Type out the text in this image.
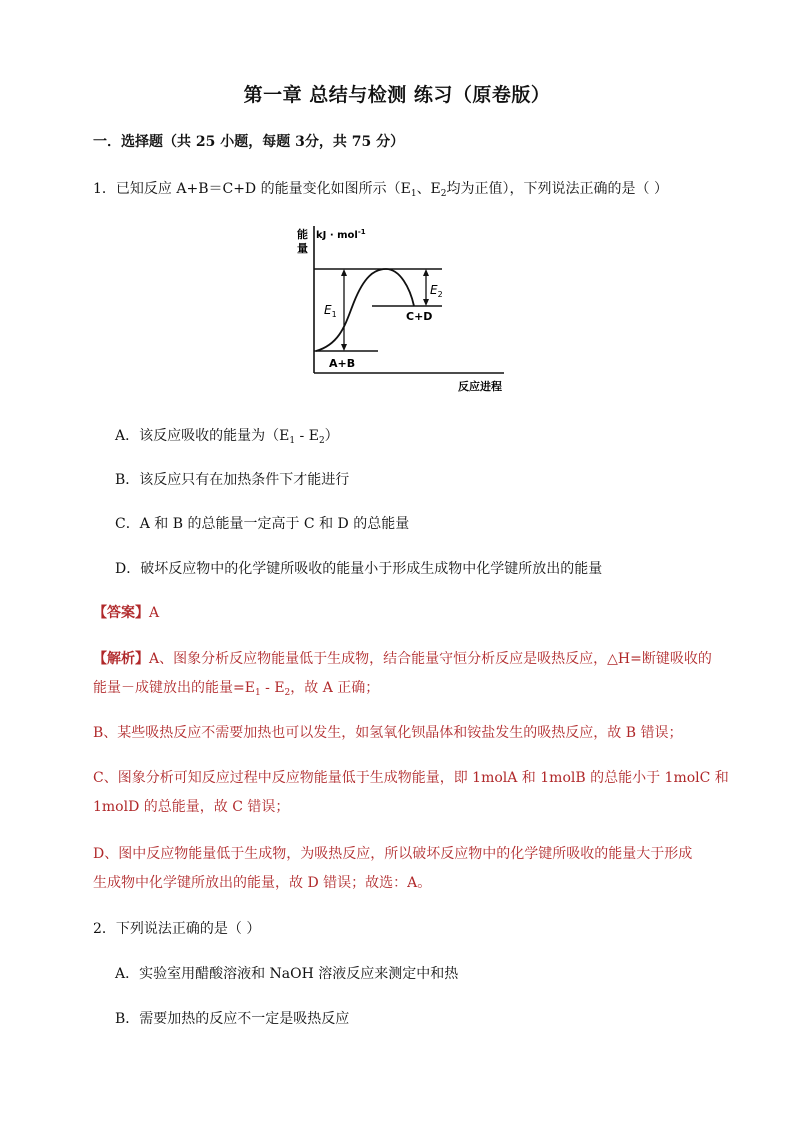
第一章 总结与检测 练习（原卷版）
一．选择题（共 25 小题，每题 3分，共 75 分）
1．已知反应 A+B＝C+D 的能量变化如图所示（$E_1$、$E_2$均为正值），下列说法正确的是（ ）
能
量
kJ · mol$^{-1}$
$E_1$
$E_2$
A+B
C+D
反应进程
A．该反应吸收的能量为$(E_1 - E_2)$
B．该反应只有在加热条件下才能进行
C．A 和 B 的总能量一定高于 C 和 D 的总能量
D．破坏反应物中的化学键所吸收的能量小于形成生成物中化学键所放出的能量
【答案】A
【解析】A、图象分析反应物能量低于生成物，结合能量守恒分析反应是吸热反应，△H=断键吸收的
能量－成键放出的能量$=E_1 - E_2$，故 A 正确；
B、某些吸热反应不需要加热也可以发生，如氢氧化钡晶体和铵盐发生的吸热反应，故 B 错误；
C、图象分析可知反应过程中反应物能量低于生成物能量，即 1molA 和 1molB 的总能小于 1molC 和
1molD 的总能量，故 C 错误；
D、图中反应物能量低于生成物，为吸热反应，所以破坏反应物中的化学键所吸收的能量大于形成
生成物中化学键所放出的能量，故 D 错误；故选：A。
2．下列说法正确的是（ ）
A．实验室用醋酸溶液和 NaOH 溶液反应来测定中和热
B．需要加热的反应不一定是吸热反应
